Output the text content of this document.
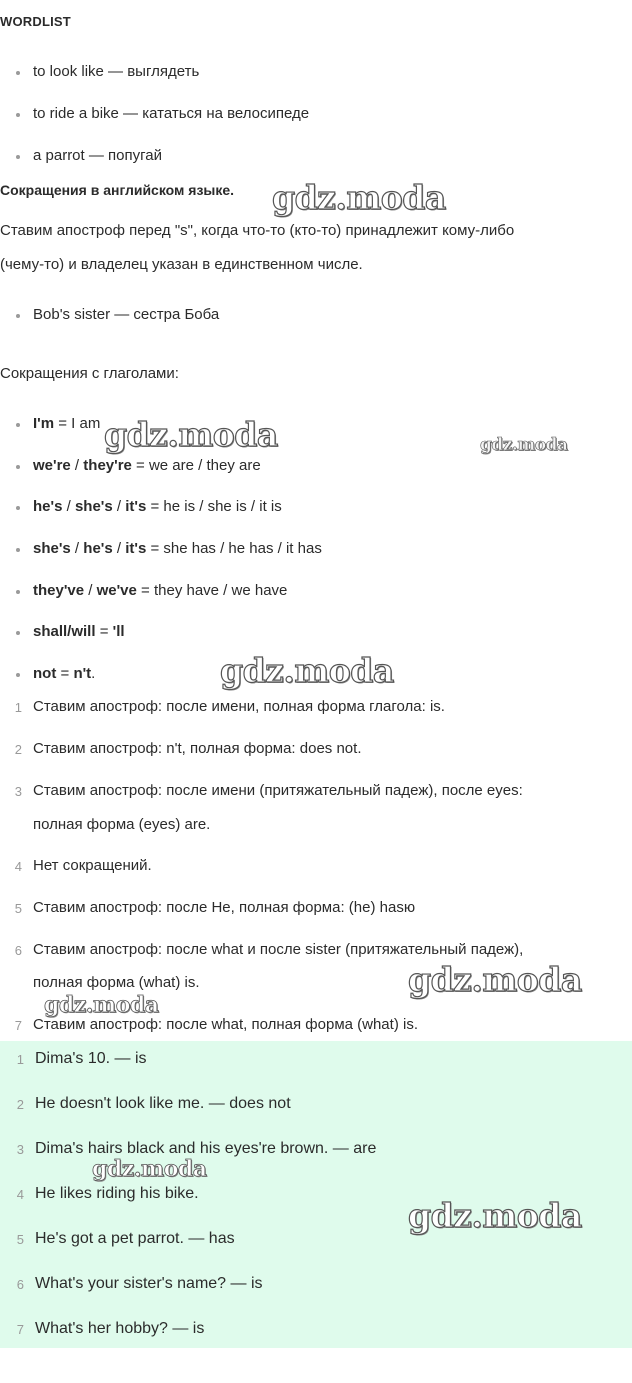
WORDLIST
to look like — выглядеть
to ride a bike — кататься на велосипеде
a parrot — попугай
Сокращения в английском языке.
Ставим апостроф перед "s", когда что-то (кто-то) принадлежит кому-либо
(чему-то) и владелец указан в единственном числе.
Bob's sister — сестра Боба
Сокращения с глаголами:
I'm = I am
we're / they're = we are / they are
he's / she's / it's = he is / she is / it is
she's / he's / it's = she has / he has / it has
they've / we've = they have / we have
shall/will = 'll
not = n't.
1 Ставим апостроф: после имени, полная форма глагола: is.
2 Ставим апостроф: n't, полная форма: does not.
3 Ставим апостроф: после имени (притяжательный падеж), после eyes:
полная форма (eyes) are.
4 Нет сокращений.
5 Ставим апостроф: после He, полная форма: (he) hasю
6 Ставим апостроф: после what и после sister (притяжательный падеж),
полная форма (what) is.
7 Ставим апостроф: после what, полная форма (what) is.
1 Dima's 10. — is
2 He doesn't look like me. — does not
3 Dima's hairs black and his eyes're brown. — are
4 He likes riding his bike.
5 He's got a pet parrot. — has
6 What's your sister's name? — is
7 What's her hobby? — is
gdz.moda
gdz.moda	gdz.moda
gdz.moda
gdz.moda
gdz.moda
gdz.moda
gdz.moda
